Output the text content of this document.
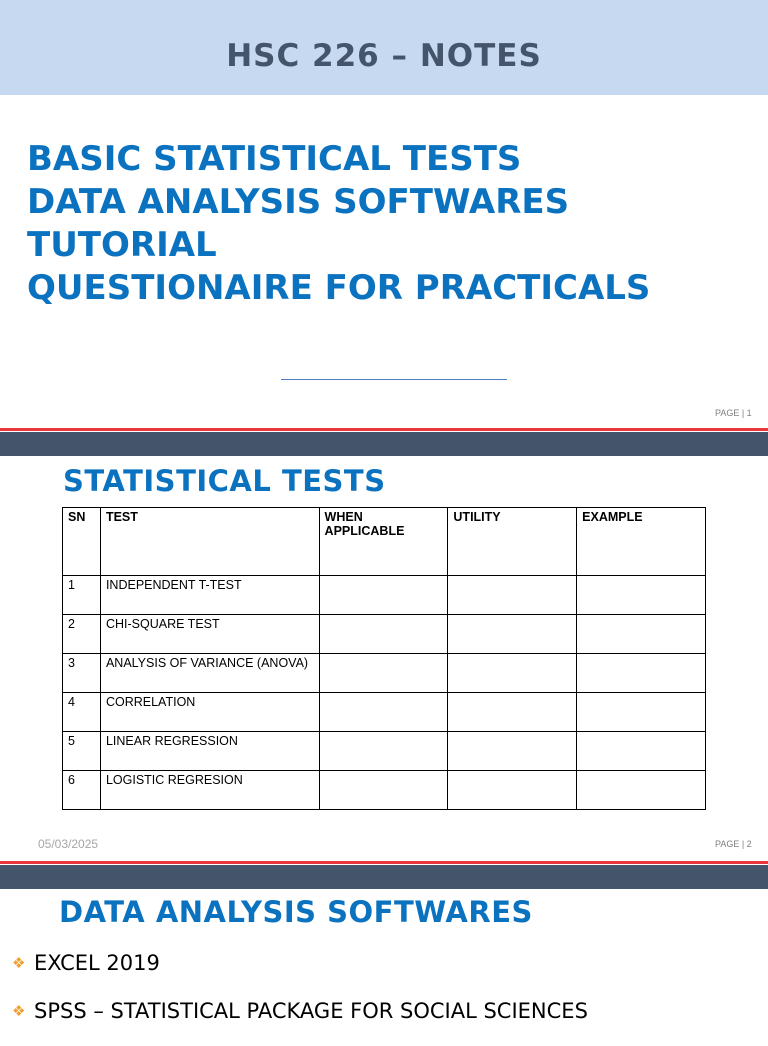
HSC 226 – NOTES
BASIC STATISTICAL TESTS
DATA ANALYSIS SOFTWARES
TUTORIAL
QUESTIONAIRE FOR PRACTICALS
PAGE | 1
STATISTICAL TESTS
SN	TEST	WHEN APPLICABLE	UTILITY	EXAMPLE
1	INDEPENDENT T-TEST			
2	CHI-SQUARE TEST			
3	ANALYSIS OF VARIANCE (ANOVA)			
4	CORRELATION			
5	LINEAR REGRESSION			
6	LOGISTIC REGRESION			
05/03/2025	PAGE | 2
DATA ANALYSIS SOFTWARES
❖ EXCEL 2019
❖ SPSS – STATISTICAL PACKAGE FOR SOCIAL SCIENCES
